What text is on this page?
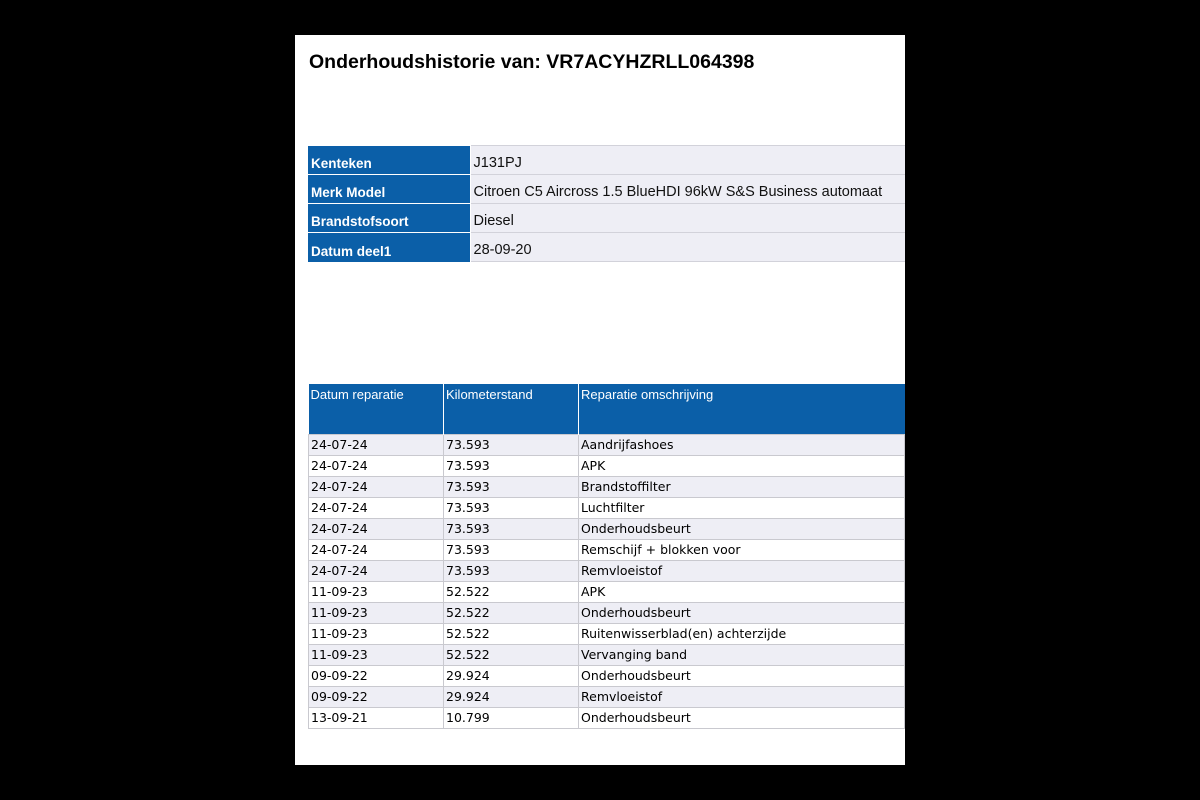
Onderhoudshistorie van: VR7ACYHZRLL064398
Kenteken	J131PJ
Merk Model	Citroen C5 Aircross 1.5 BlueHDI 96kW S&S Business automaat
Brandstofsoort	Diesel
Datum deel1	28-09-20
Datum reparatie	Kilometerstand	Reparatie omschrijving
24-07-24	73.593	Aandrijfashoes
24-07-24	73.593	APK
24-07-24	73.593	Brandstoffilter
24-07-24	73.593	Luchtfilter
24-07-24	73.593	Onderhoudsbeurt
24-07-24	73.593	Remschijf + blokken voor
24-07-24	73.593	Remvloeistof
11-09-23	52.522	APK
11-09-23	52.522	Onderhoudsbeurt
11-09-23	52.522	Ruitenwisserblad(en) achterzijde
11-09-23	52.522	Vervanging band
09-09-22	29.924	Onderhoudsbeurt
09-09-22	29.924	Remvloeistof
13-09-21	10.799	Onderhoudsbeurt
